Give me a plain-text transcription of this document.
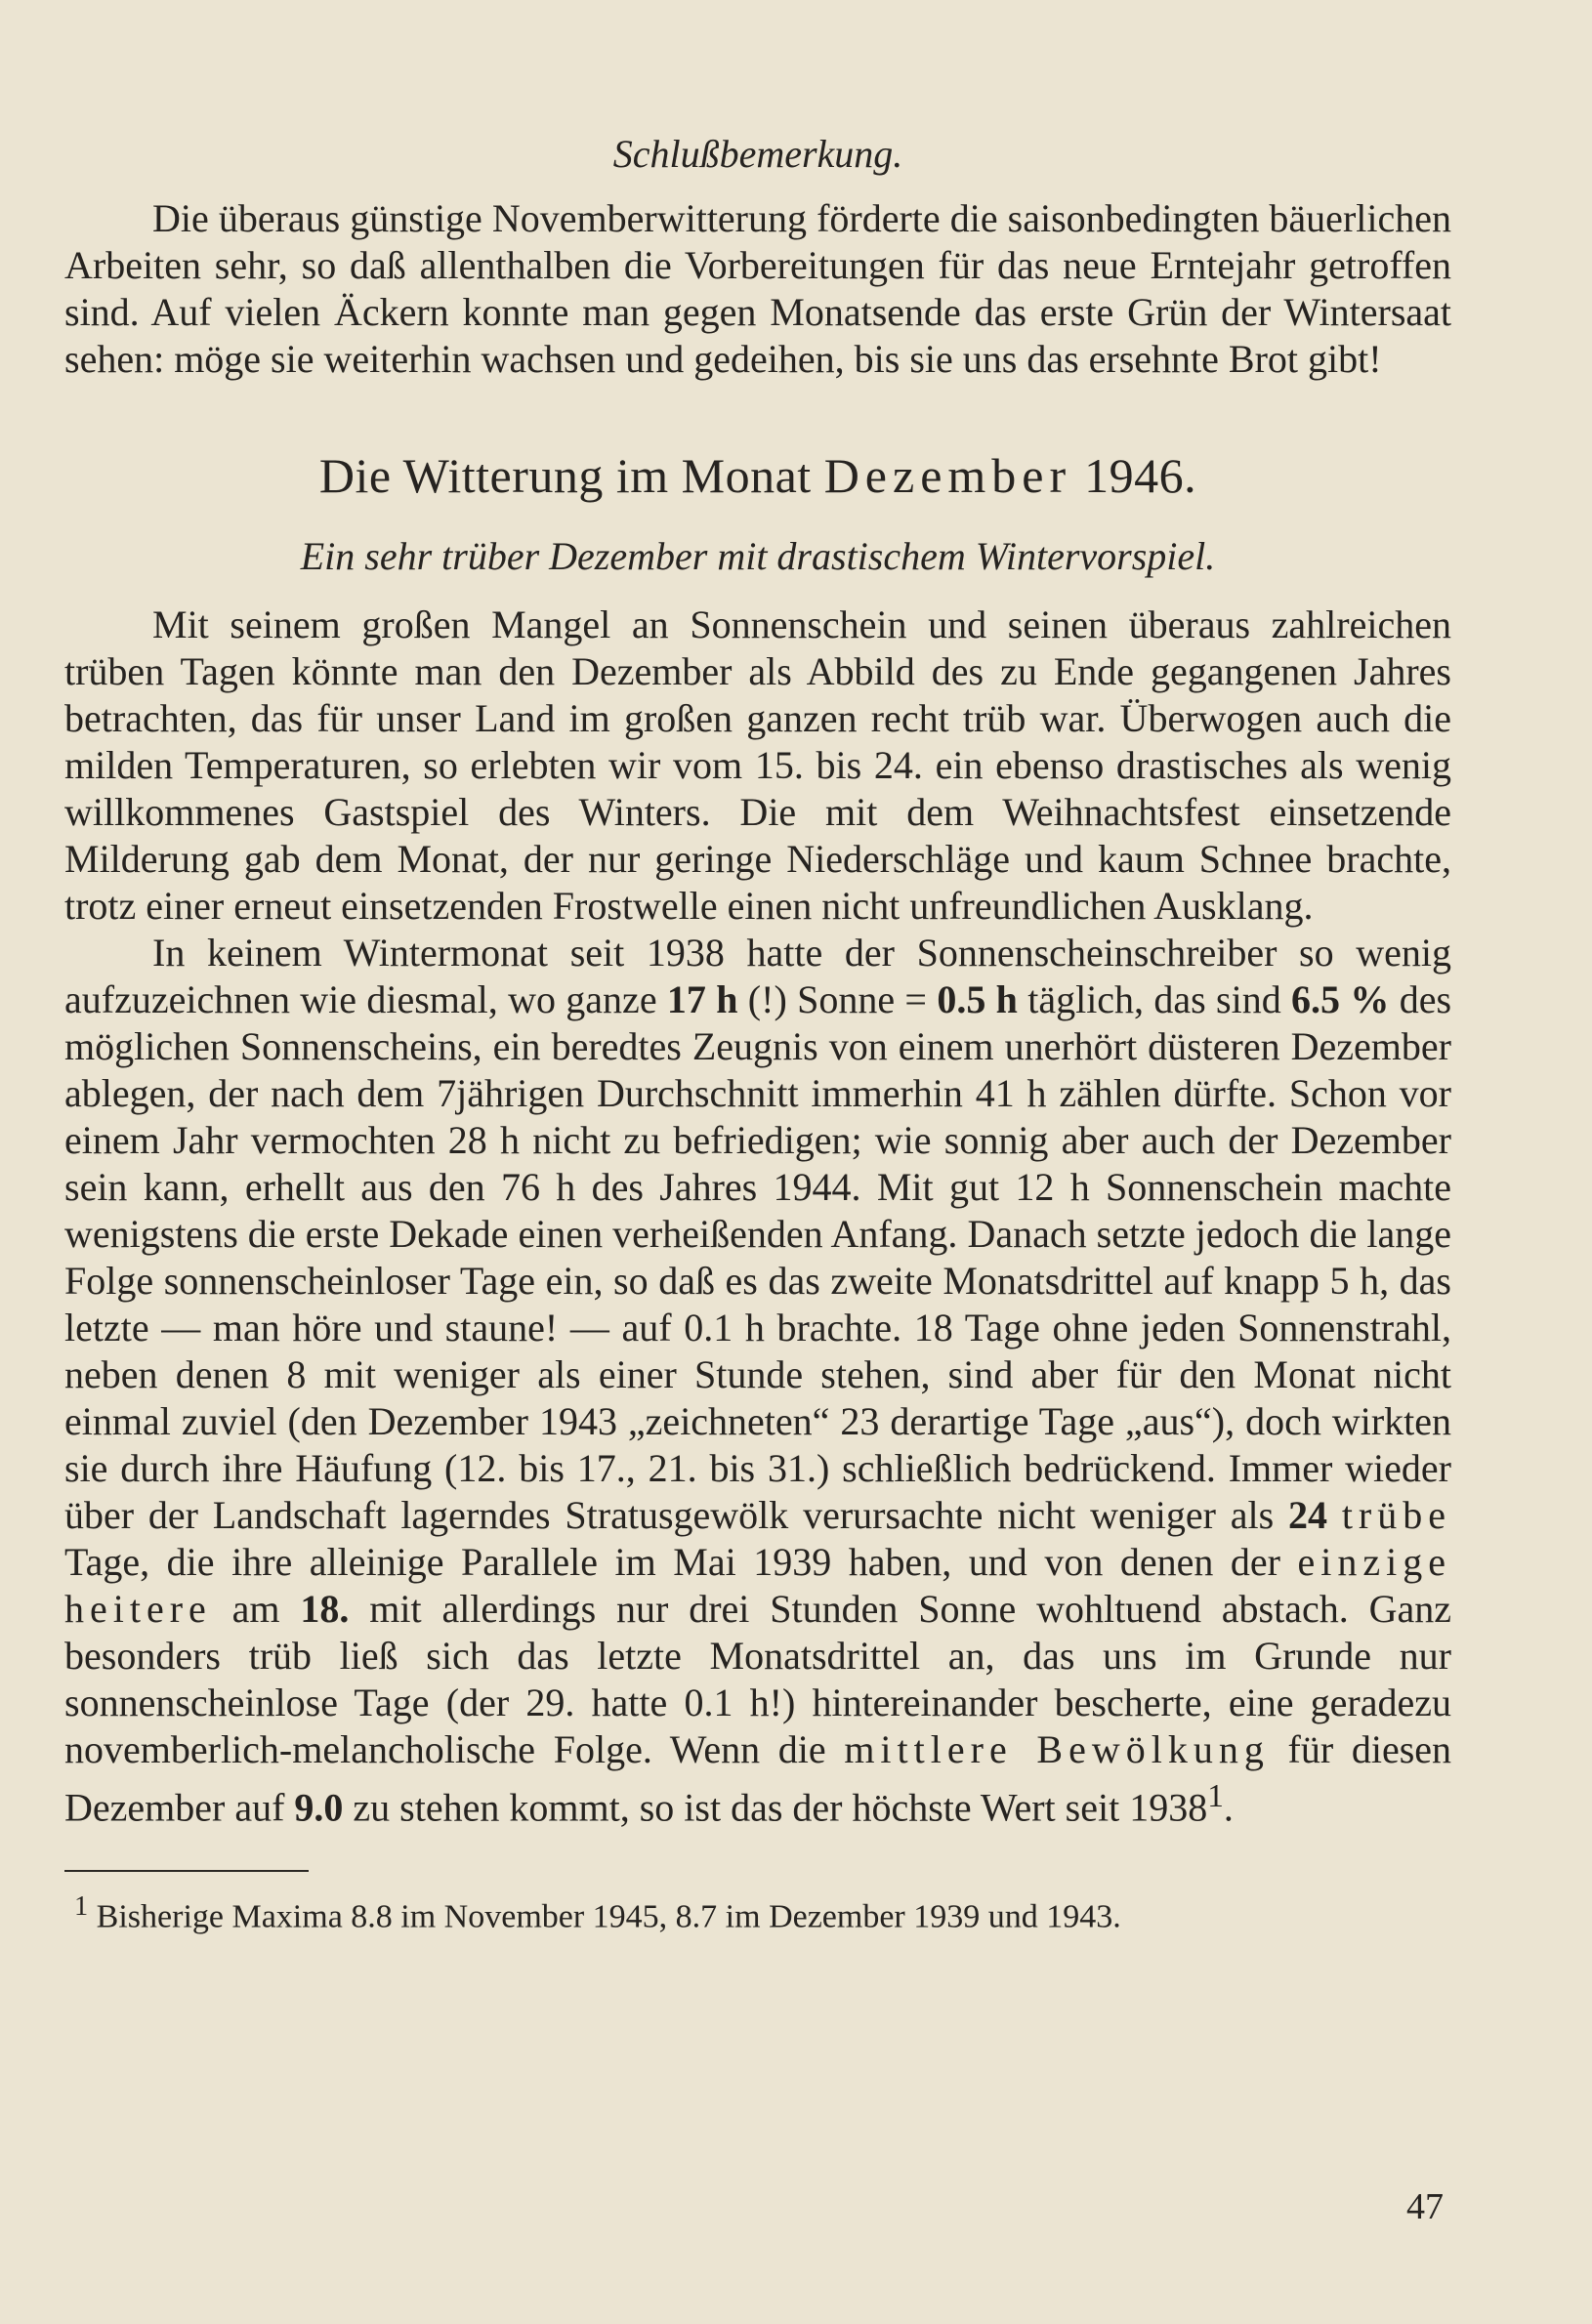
Schlußbemerkung.

Die überaus günstige Novemberwitterung förderte die saisonbedingten bäuerlichen Arbeiten sehr, so daß allenthalben die Vorbereitungen für das neue Erntejahr getroffen sind. Auf vielen Äckern konnte man gegen Monatsende das erste Grün der Wintersaat sehen: möge sie weiterhin wachsen und gedeihen, bis sie uns das ersehnte Brot gibt!

Die Witterung im Monat Dezember 1946.
Ein sehr trüber Dezember mit drastischem Wintervorspiel.

Mit seinem großen Mangel an Sonnenschein und seinen überaus zahlreichen trüben Tagen könnte man den Dezember als Abbild des zu Ende gegangenen Jahres betrachten, das für unser Land im großen ganzen recht trüb war. Überwogen auch die milden Temperaturen, so erlebten wir vom 15. bis 24. ein ebenso drastisches als wenig willkommenes Gastspiel des Winters. Die mit dem Weihnachtsfest einsetzende Milderung gab dem Monat, der nur geringe Niederschläge und kaum Schnee brachte, trotz einer erneut einsetzenden Frostwelle einen nicht unfreundlichen Ausklang.

In keinem Wintermonat seit 1938 hatte der Sonnenscheinschreiber so wenig aufzuzeichnen wie diesmal, wo ganze 17 h (!) Sonne = 0.5 h täglich, das sind 6.5 % des möglichen Sonnenscheins, ein beredtes Zeugnis von einem unerhört düsteren Dezember ablegen, der nach dem 7jährigen Durchschnitt immerhin 41 h zählen dürfte. Schon vor einem Jahr vermochten 28 h nicht zu befriedigen; wie sonnig aber auch der Dezember sein kann, erhellt aus den 76 h des Jahres 1944. Mit gut 12 h Sonnenschein machte wenigstens die erste Dekade einen verheißenden Anfang. Danach setzte jedoch die lange Folge sonnenscheinloser Tage ein, so daß es das zweite Monatsdrittel auf knapp 5 h, das letzte — man höre und staune! — auf 0.1 h brachte. 18 Tage ohne jeden Sonnenstrahl, neben denen 8 mit weniger als einer Stunde stehen, sind aber für den Monat nicht einmal zuviel (den Dezember 1943 „zeichneten“ 23 derartige Tage „aus“), doch wirkten sie durch ihre Häufung (12. bis 17., 21. bis 31.) schließlich bedrückend. Immer wieder über der Landschaft lagerndes Stratusgewölk verursachte nicht weniger als 24 trübe Tage, die ihre alleinige Parallele im Mai 1939 haben, und von denen der einzige heitere am 18. mit allerdings nur drei Stunden Sonne wohltuend abstach. Ganz besonders trüb ließ sich das letzte Monatsdrittel an, das uns im Grunde nur sonnenscheinlose Tage (der 29. hatte 0.1 h!) hintereinander bescherte, eine geradezu novemberlich-melancholische Folge. Wenn die mittlere Bewölkung für diesen Dezember auf 9.0 zu stehen kommt, so ist das der höchste Wert seit 1938$^1$.

$^1$ Bisherige Maxima 8.8 im November 1945, 8.7 im Dezember 1939 und 1943.

47
